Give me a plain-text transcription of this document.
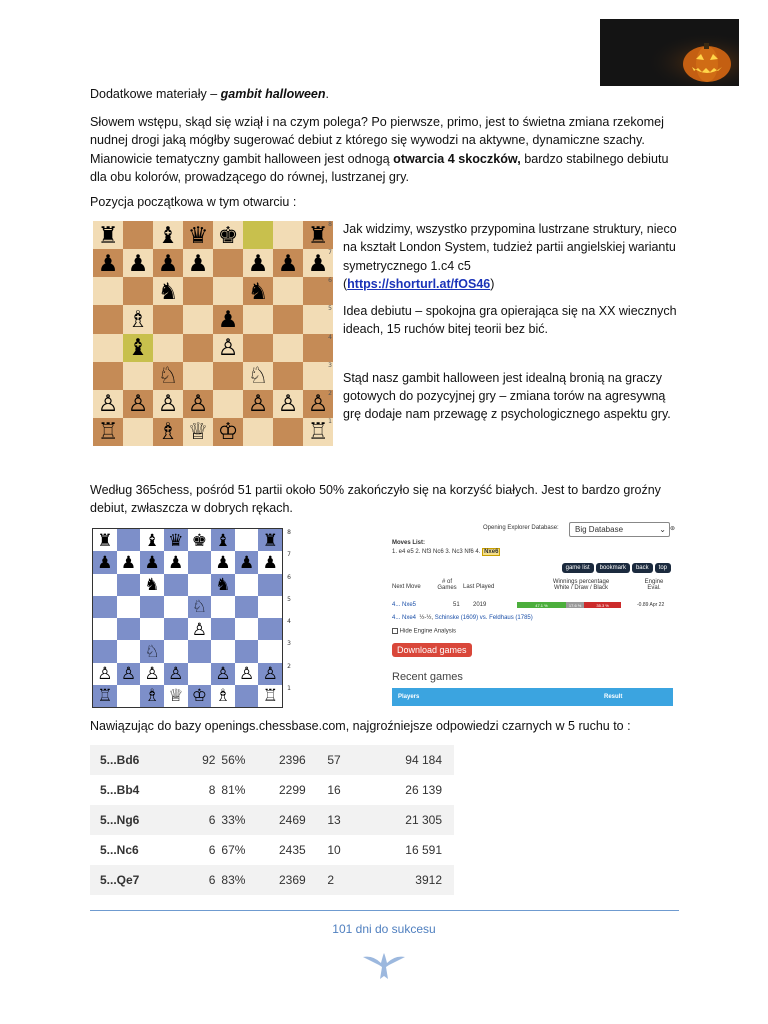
Dodatkowe materiały – gambit halloween.

Słowem wstępu, skąd się wziął i na czym polega? Po pierwsze, primo, jest to świetna zmiana rzekomej nudnej drogi jaką mógłby sugerować debiut z którego się wywodzi na aktywne, dynamiczne szachy. Mianowicie tematyczny gambit halloween jest odnogą otwarcia 4 skoczków, bardzo stabilnego debiutu dla obu kolorów, prowadzącego do równej, lustrzanej gry.

Pozycja początkowa w tym otwarciu :

♜ ♝ ♛ ♚	♜ 8
♟ ♟ ♟ ♟ ♟ ♟ ♟ 7
♞	♞	6
♗	♟	5
♝	♙	4
♘	♘	3
♙ ♙ ♙ ♙ ♙ ♙ ♙ 2
♖ ♗ ♕ ♔	♖ 1

Jak widzimy, wszystko przypomina lustrzane struktury, nieco na kształt London System, tudzież partii angielskiej wariantu symetrycznego 1.c4 c5
(https://shorturl.at/fOS46)

Idea debiutu – spokojna gra opierająca się na XX wiecznych ideach, 15 ruchów bitej teorii bez bić.

Stąd nasz gambit halloween jest idealną bronią na graczy gotowych do pozycyjnej gry – zmiana torów na agresywną grę dodaje nam przewagę z psychologicznego aspektu gry.

Według 365chess, pośród 51 partii około 50% zakończyło się na korzyść białych. Jest to bardzo groźny debiut, zwłaszcza w dobrych rękach.

♜ ♝ ♛ ♚ ♝ ♜ 8
♟ ♟ ♟ ♟ ♟ ♟ ♟ 7
♞	♞	6
♘	5
♙	4
♘	3
♙ ♙ ♙ ♙ ♙ ♙ ♙ 2
♖ ♗ ♕ ♔ ♗ ♖ 1
Opening Explorer Database:	Big Database	⌄ ⊛
Moves List:
1. e4 e5 2. Nf3 Nc6 3. Nc3 Nf6 4. Nxe6
game list bookmark back top
Next Move
# of Games Last Played
Winnings percentage
White / Draw / Black
Engine Eval.
4... Nxe5	51 2019	47.1 %	17.6 %	35.3 %	-0.89 Apr 22
4... Nxe4 ½-½, Schinske (1609) vs. Feldhaus (1785)
Hide Engine Analysis
Download games
Recent games
Players	Result

Nawiązując do bazy openings.chessbase.com, najgroźniejsze odpowiedzi czarnych w 5 ruchu to :

5...Bd6	92	56%	2396	57	94 184
5...Bb4	8	81%	2299	16	26 139
5...Ng6	6	33%	2469	13	21 305
5...Nc6	6	67%	2435	10	16 591
5...Qe7	6	83%	2369	2	3912
101 dni do sukcesu
